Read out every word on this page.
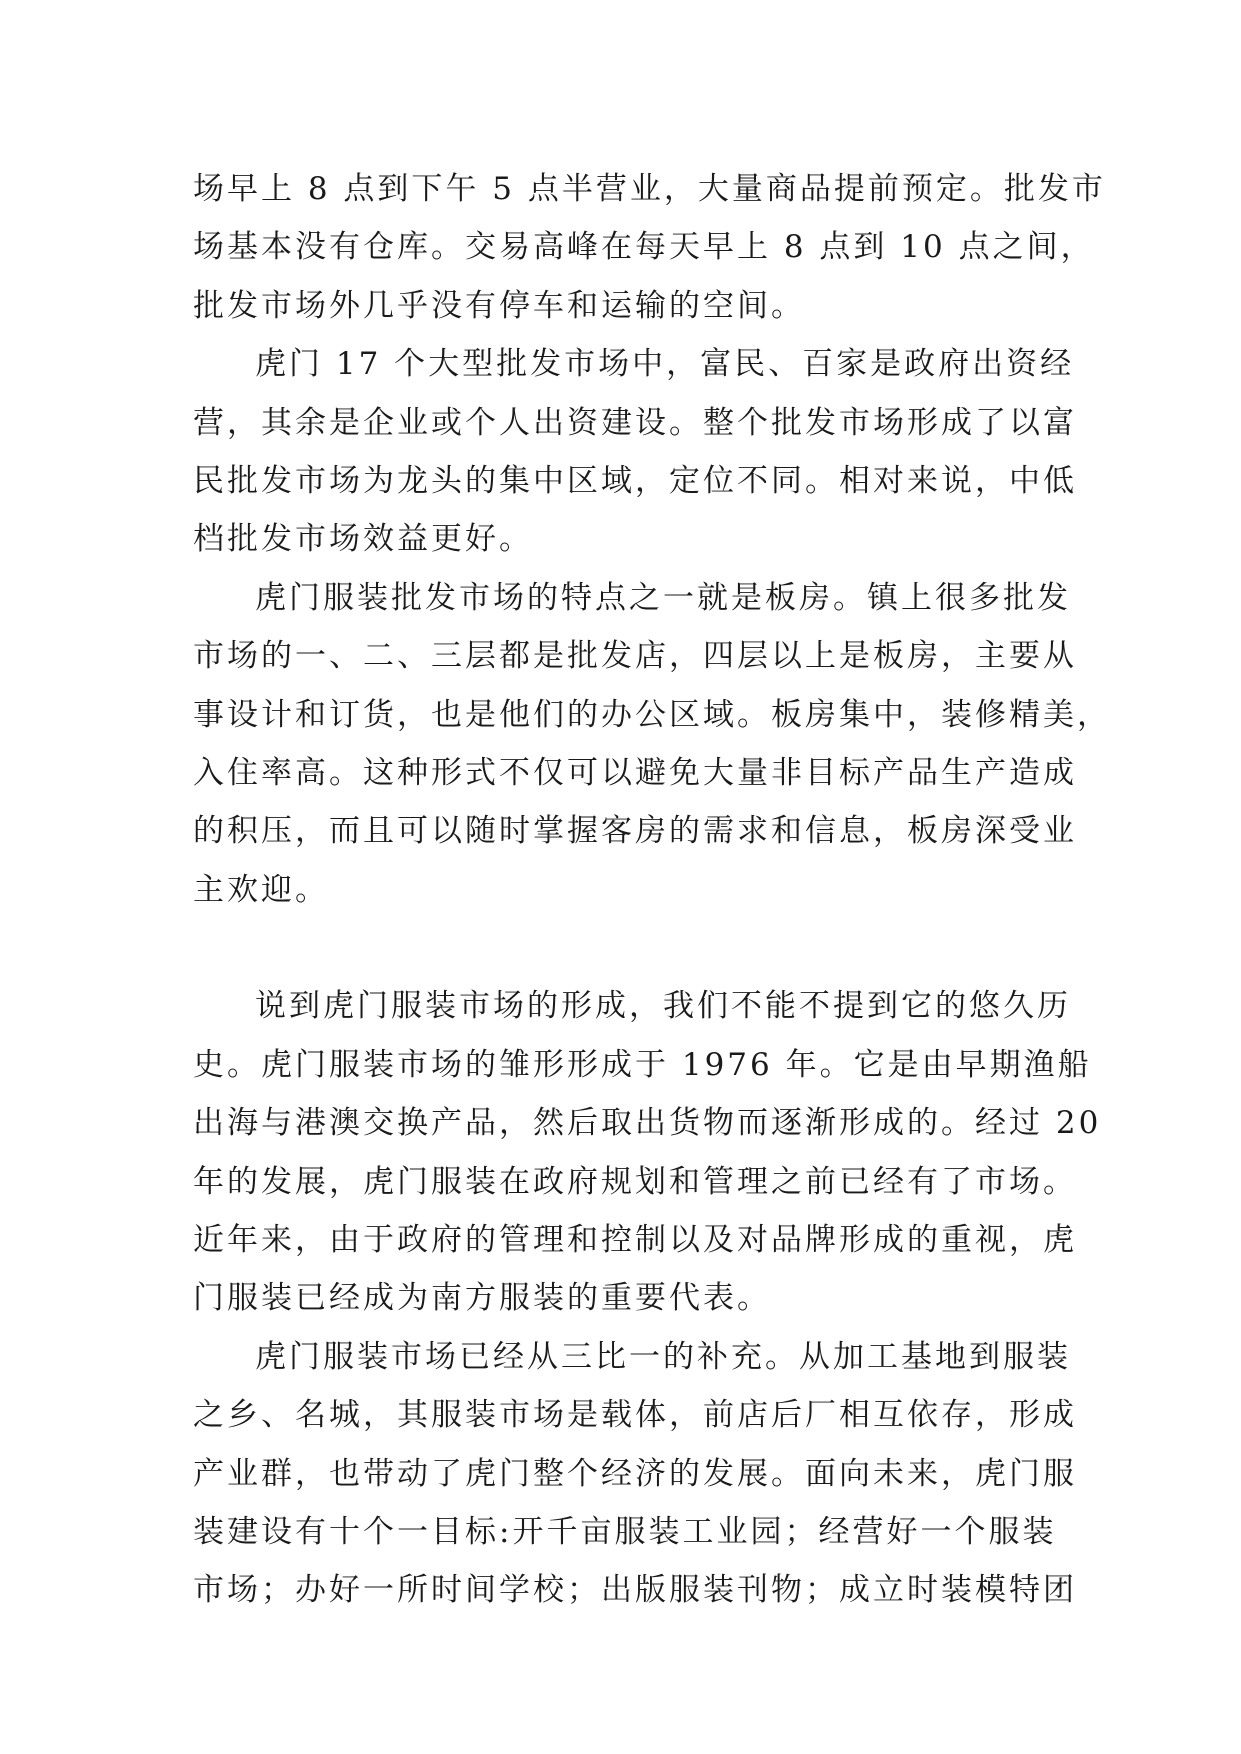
场早上 8 点到下午 5 点半营业，大量商品提前预定。批发市
场基本没有仓库。交易高峰在每天早上 8 点到 10 点之间，
批发市场外几乎没有停车和运输的空间。
虎门 17 个大型批发市场中，富民、百家是政府出资经
营，其余是企业或个人出资建设。整个批发市场形成了以富
民批发市场为龙头的集中区域，定位不同。相对来说，中低
档批发市场效益更好。
虎门服装批发市场的特点之一就是板房。镇上很多批发
市场的一、二、三层都是批发店，四层以上是板房，主要从
事设计和订货，也是他们的办公区域。板房集中，装修精美，
入住率高。这种形式不仅可以避免大量非目标产品生产造成
的积压，而且可以随时掌握客房的需求和信息，板房深受业
主欢迎。
说到虎门服装市场的形成，我们不能不提到它的悠久历
史。虎门服装市场的雏形形成于 1976 年。它是由早期渔船
出海与港澳交换产品，然后取出货物而逐渐形成的。经过 20
年的发展，虎门服装在政府规划和管理之前已经有了市场。
近年来，由于政府的管理和控制以及对品牌形成的重视，虎
门服装已经成为南方服装的重要代表。
虎门服装市场已经从三比一的补充。从加工基地到服装
之乡、名城，其服装市场是载体，前店后厂相互依存，形成
产业群，也带动了虎门整个经济的发展。面向未来，虎门服
装建设有十个一目标:开千亩服装工业园；经营好一个服装
市场；办好一所时间学校；出版服装刊物；成立时装模特团
